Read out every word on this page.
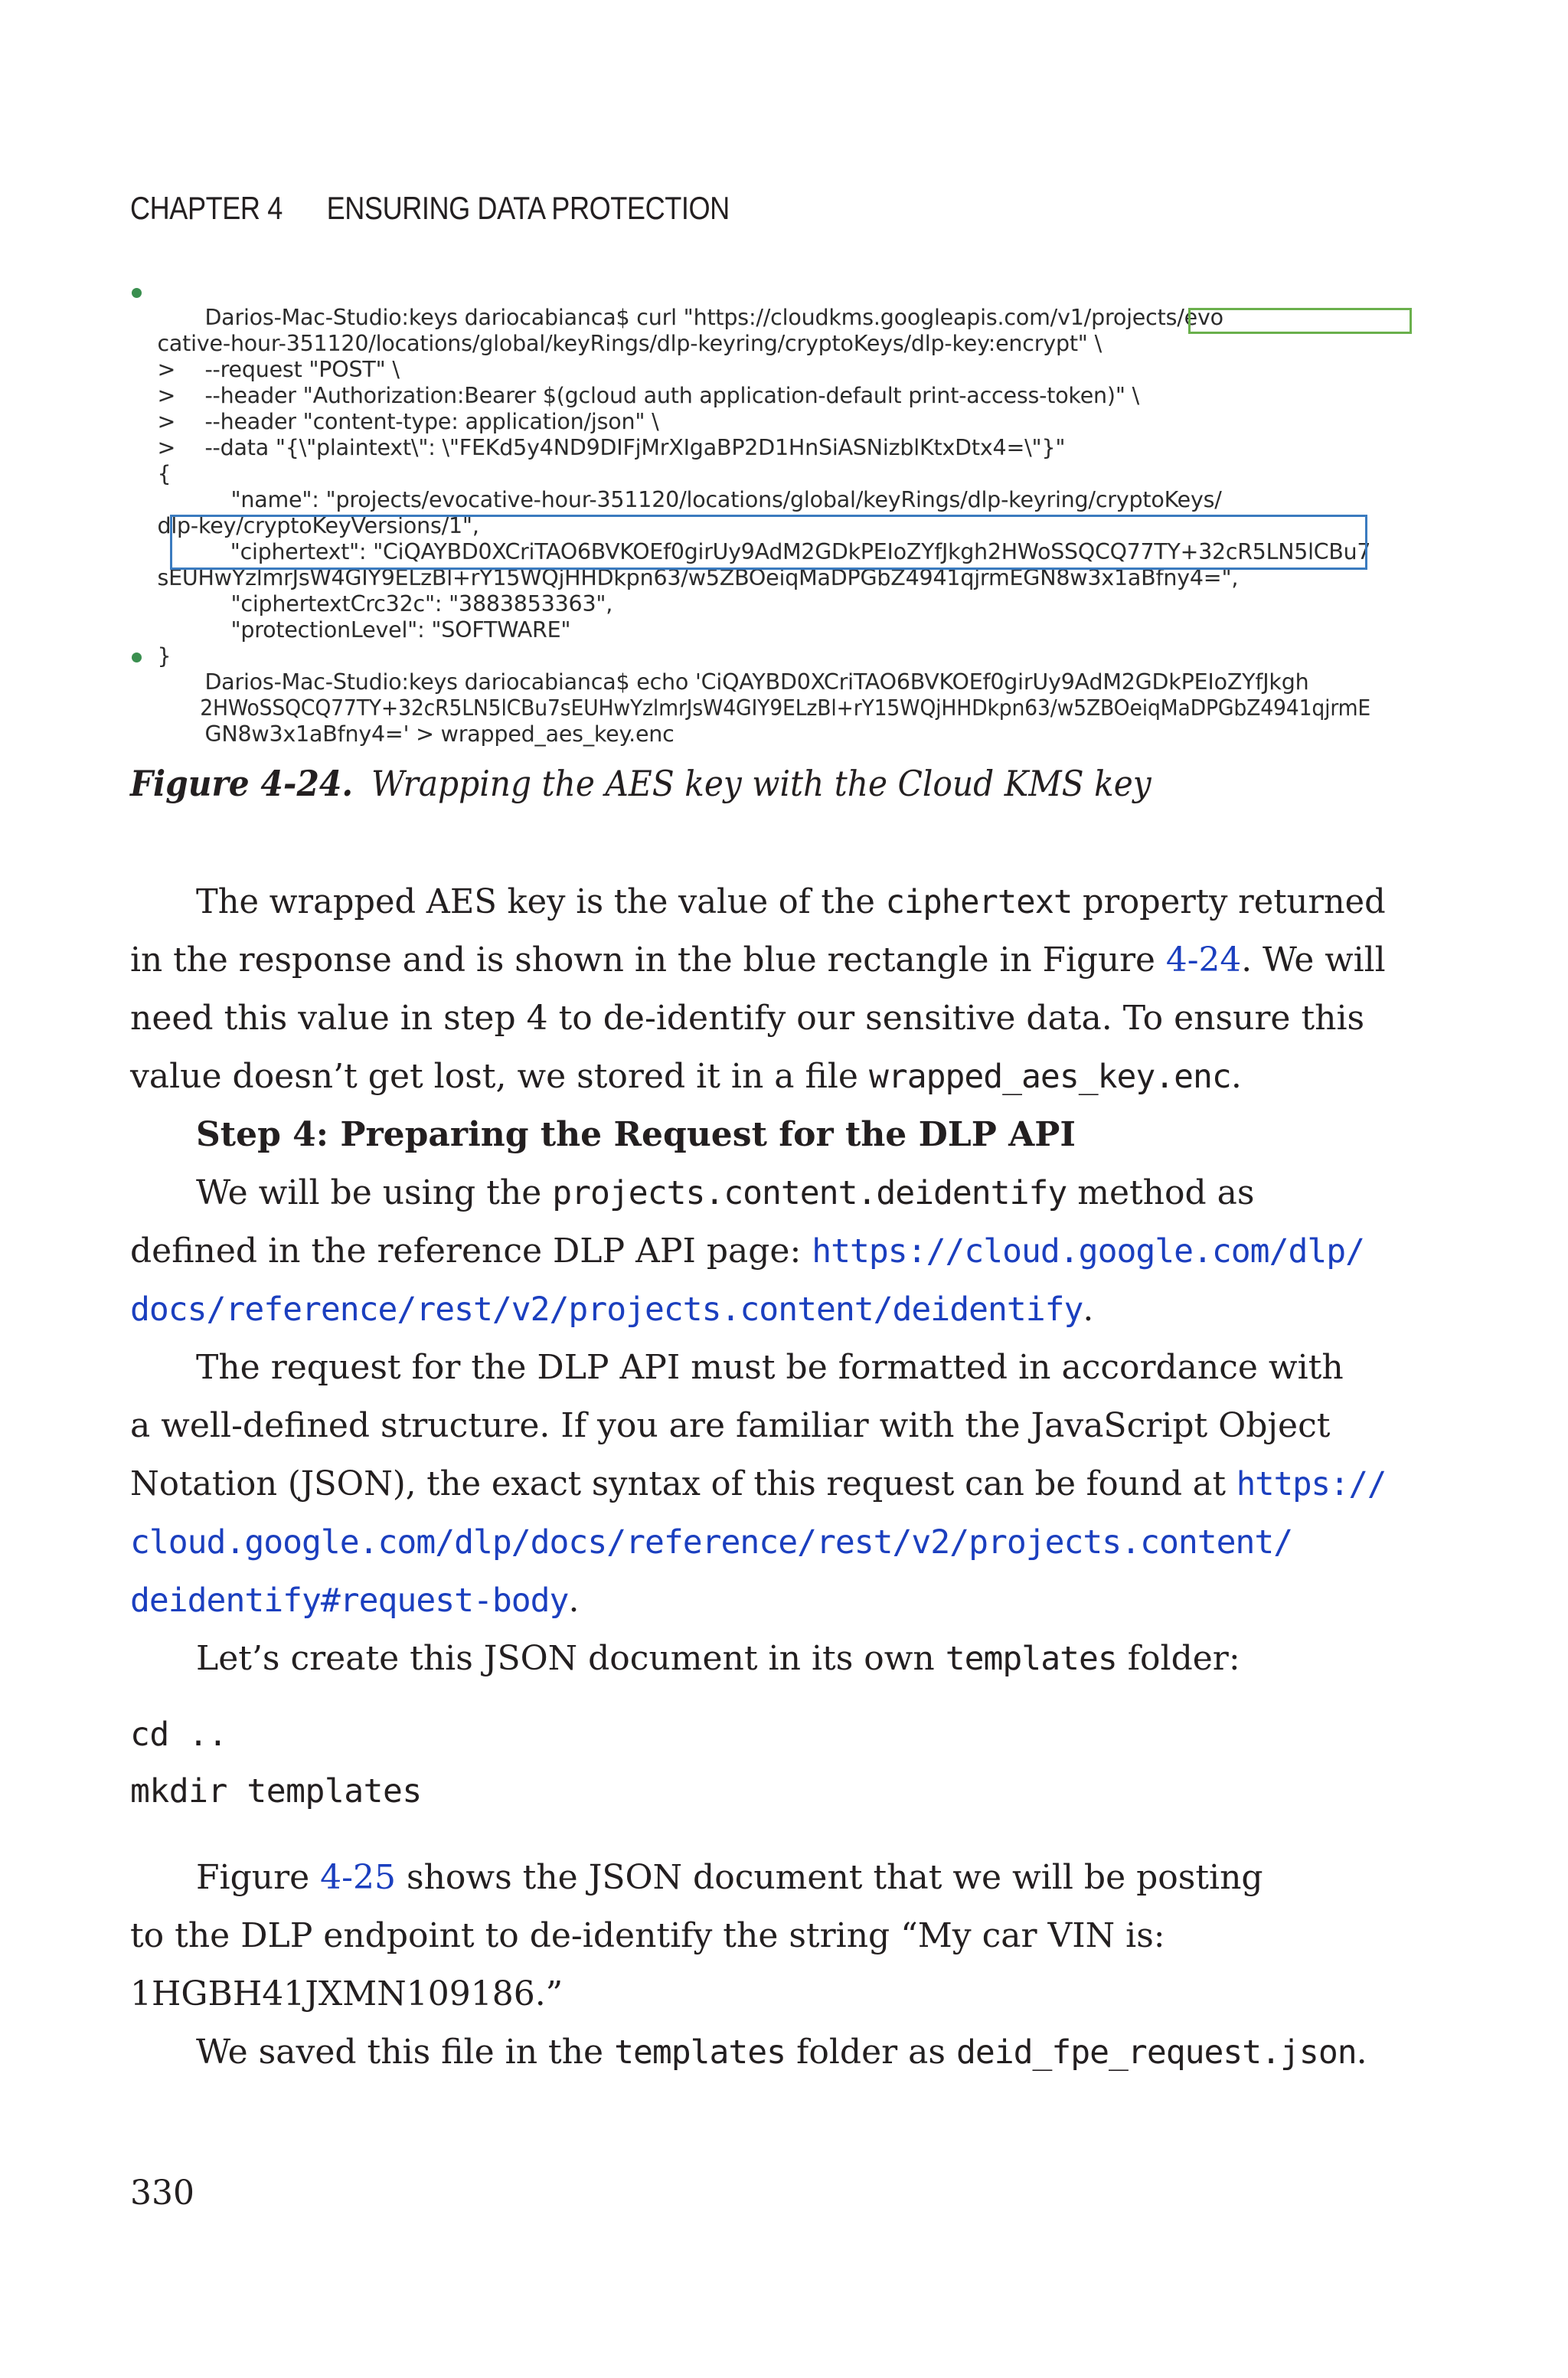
CHAPTER 4 ENSURING DATA PROTECTION

Darios-Mac-Studio:keys dariocabianca$ curl "https://cloudkms.googleapis.com/v1/projects/evo

cative-hour-351120/locations/global/keyRings/dlp-keyring/cryptoKeys/dlp-key:encrypt" \

> --request "POST" \

> --header "Authorization:Bearer $(gcloud auth application-default print-access-token)" \

> --header "content-type: application/json" \

> --data "{\"plaintext\": \"FEKd5y4ND9DIFjMrXIgaBP2D1HnSiASNizblKtxDtx4=\"}"

{

"name": "projects/evocative-hour-351120/locations/global/keyRings/dlp-keyring/cryptoKeys/

dlp-key/cryptoKeyVersions/1",

"ciphertext": "CiQAYBD0XCriTAO6BVKOEf0girUy9AdM2GDkPEIoZYfJkgh2HWoSSQCQ77TY+32cR5LN5lCBu7

sEUHwYzlmrJsW4GIY9ELzBl+rY15WQjHHDkpn63/w5ZBOeiqMaDPGbZ4941qjrmEGN8w3x1aBfny4=",

"ciphertextCrc32c": "3883853363",

"protectionLevel": "SOFTWARE"

}

Darios-Mac-Studio:keys dariocabianca$ echo 'CiQAYBD0XCriTAO6BVKOEf0girUy9AdM2GDkPEIoZYfJkgh

2HWoSSQCQ77TY+32cR5LN5lCBu7sEUHwYzlmrJsW4GIY9ELzBl+rY15WQjHHDkpn63/w5ZBOeiqMaDPGbZ4941qjrmE

GN8w3x1aBfny4=' > wrapped_aes_key.enc

Figure 4-24. Wrapping the AES key with the Cloud KMS key
The wrapped AES key is the value of the ciphertext property returned
in the response and is shown in the blue rectangle in Figure 4-24. We will
need this value in step 4 to de-identify our sensitive data. To ensure this
value doesn’t get lost, we stored it in a file wrapped_aes_key.enc.
Step 4: Preparing the Request for the DLP API
We will be using the projects.content.deidentify method as
defined in the reference DLP API page: https://cloud.google.com/dlp/
docs/reference/rest/v2/projects.content/deidentify.
The request for the DLP API must be formatted in accordance with
a well-defined structure. If you are familiar with the JavaScript Object
Notation (JSON), the exact syntax of this request can be found at https://
cloud.google.com/dlp/docs/reference/rest/v2/projects.content/
deidentify#request-body.
Let’s create this JSON document in its own templates folder:
cd ..
mkdir templates
Figure 4-25 shows the JSON document that we will be posting
to the DLP endpoint to de-identify the string “My car VIN is:
1HGBH41JXMN109186.”
We saved this file in the templates folder as deid_fpe_request.json.
330
